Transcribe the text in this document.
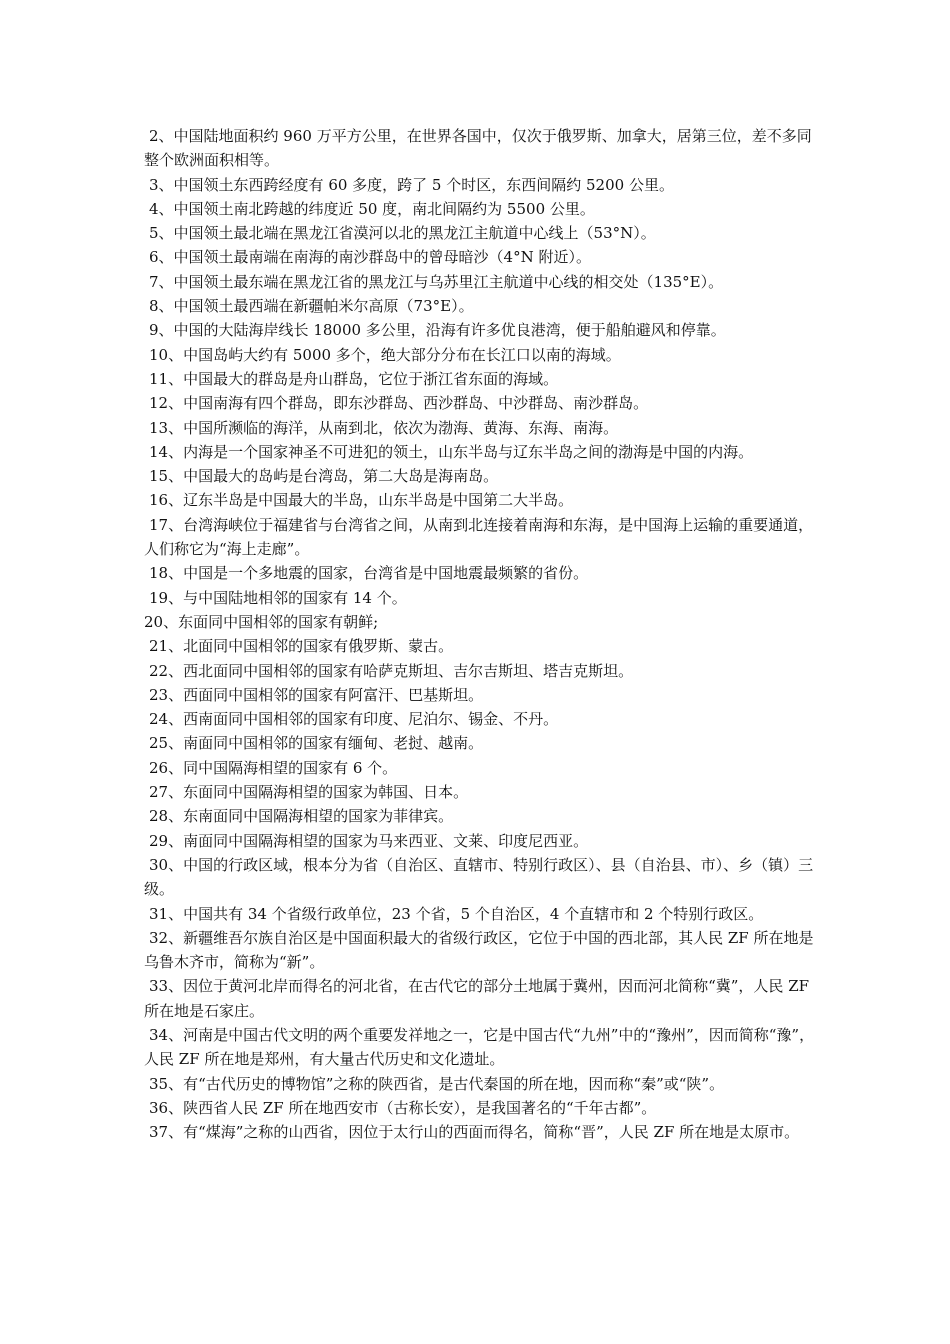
2、中国陆地面积约 960 万平方公里，在世界各国中，仅次于俄罗斯、加拿大，居第三位，差不多同整个欧洲面积相等。

3、中国领土东西跨经度有 60 多度，跨了 5 个时区，东西间隔约 5200 公里。

4、中国领土南北跨越的纬度近 50 度，南北间隔约为 5500 公里。

5、中国领土最北端在黑龙江省漠河以北的黑龙江主航道中心线上（53°N）。

6、中国领土最南端在南海的南沙群岛中的曾母暗沙（4°N 附近）。

7、中国领土最东端在黑龙江省的黑龙江与乌苏里江主航道中心线的相交处（135°E）。

8、中国领土最西端在新疆帕米尔高原（73°E）。

9、中国的大陆海岸线长 18000 多公里，沿海有许多优良港湾，便于船舶避风和停靠。

10、中国岛屿大约有 5000 多个，绝大部分分布在长江口以南的海域。

11、中国最大的群岛是舟山群岛，它位于浙江省东面的海域。

12、中国南海有四个群岛，即东沙群岛、西沙群岛、中沙群岛、南沙群岛。

13、中国所濒临的海洋，从南到北，依次为渤海、黄海、东海、南海。

14、内海是一个国家神圣不可进犯的领土，山东半岛与辽东半岛之间的渤海是中国的内海。

15、中国最大的岛屿是台湾岛，第二大岛是海南岛。

16、辽东半岛是中国最大的半岛，山东半岛是中国第二大半岛。

17、台湾海峡位于福建省与台湾省之间，从南到北连接着南海和东海，是中国海上运输的重要通道，人们称它为“海上走廊”。

18、中国是一个多地震的国家，台湾省是中国地震最频繁的省份。

19、与中国陆地相邻的国家有 14 个。

20、东面同中国相邻的国家有朝鲜;

21、北面同中国相邻的国家有俄罗斯、蒙古。

22、西北面同中国相邻的国家有哈萨克斯坦、吉尔吉斯坦、塔吉克斯坦。

23、西面同中国相邻的国家有阿富汗、巴基斯坦。

24、西南面同中国相邻的国家有印度、尼泊尔、锡金、不丹。

25、南面同中国相邻的国家有缅甸、老挝、越南。

26、同中国隔海相望的国家有 6 个。

27、东面同中国隔海相望的国家为韩国、日本。

28、东南面同中国隔海相望的国家为菲律宾。

29、南面同中国隔海相望的国家为马来西亚、文莱、印度尼西亚。

30、中国的行政区域，根本分为省（自治区、直辖市、特别行政区）、县（自治县、市）、乡（镇）三级。

31、中国共有 34 个省级行政单位，23 个省，5 个自治区，4 个直辖市和 2 个特别行政区。

32、新疆维吾尔族自治区是中国面积最大的省级行政区，它位于中国的西北部，其人民 ZF 所在地是乌鲁木齐市，简称为“新”。

33、因位于黄河北岸而得名的河北省，在古代它的部分土地属于冀州，因而河北简称“冀”，人民 ZF 所在地是石家庄。

34、河南是中国古代文明的两个重要发祥地之一，它是中国古代“九州”中的“豫州”，因而简称“豫”，人民 ZF 所在地是郑州，有大量古代历史和文化遗址。

35、有“古代历史的博物馆”之称的陕西省，是古代秦国的所在地，因而称“秦”或“陕”。

36、陕西省人民 ZF 所在地西安市（古称长安），是我国著名的“千年古都”。

37、有“煤海”之称的山西省，因位于太行山的西面而得名，简称“晋”，人民 ZF 所在地是太原市。
